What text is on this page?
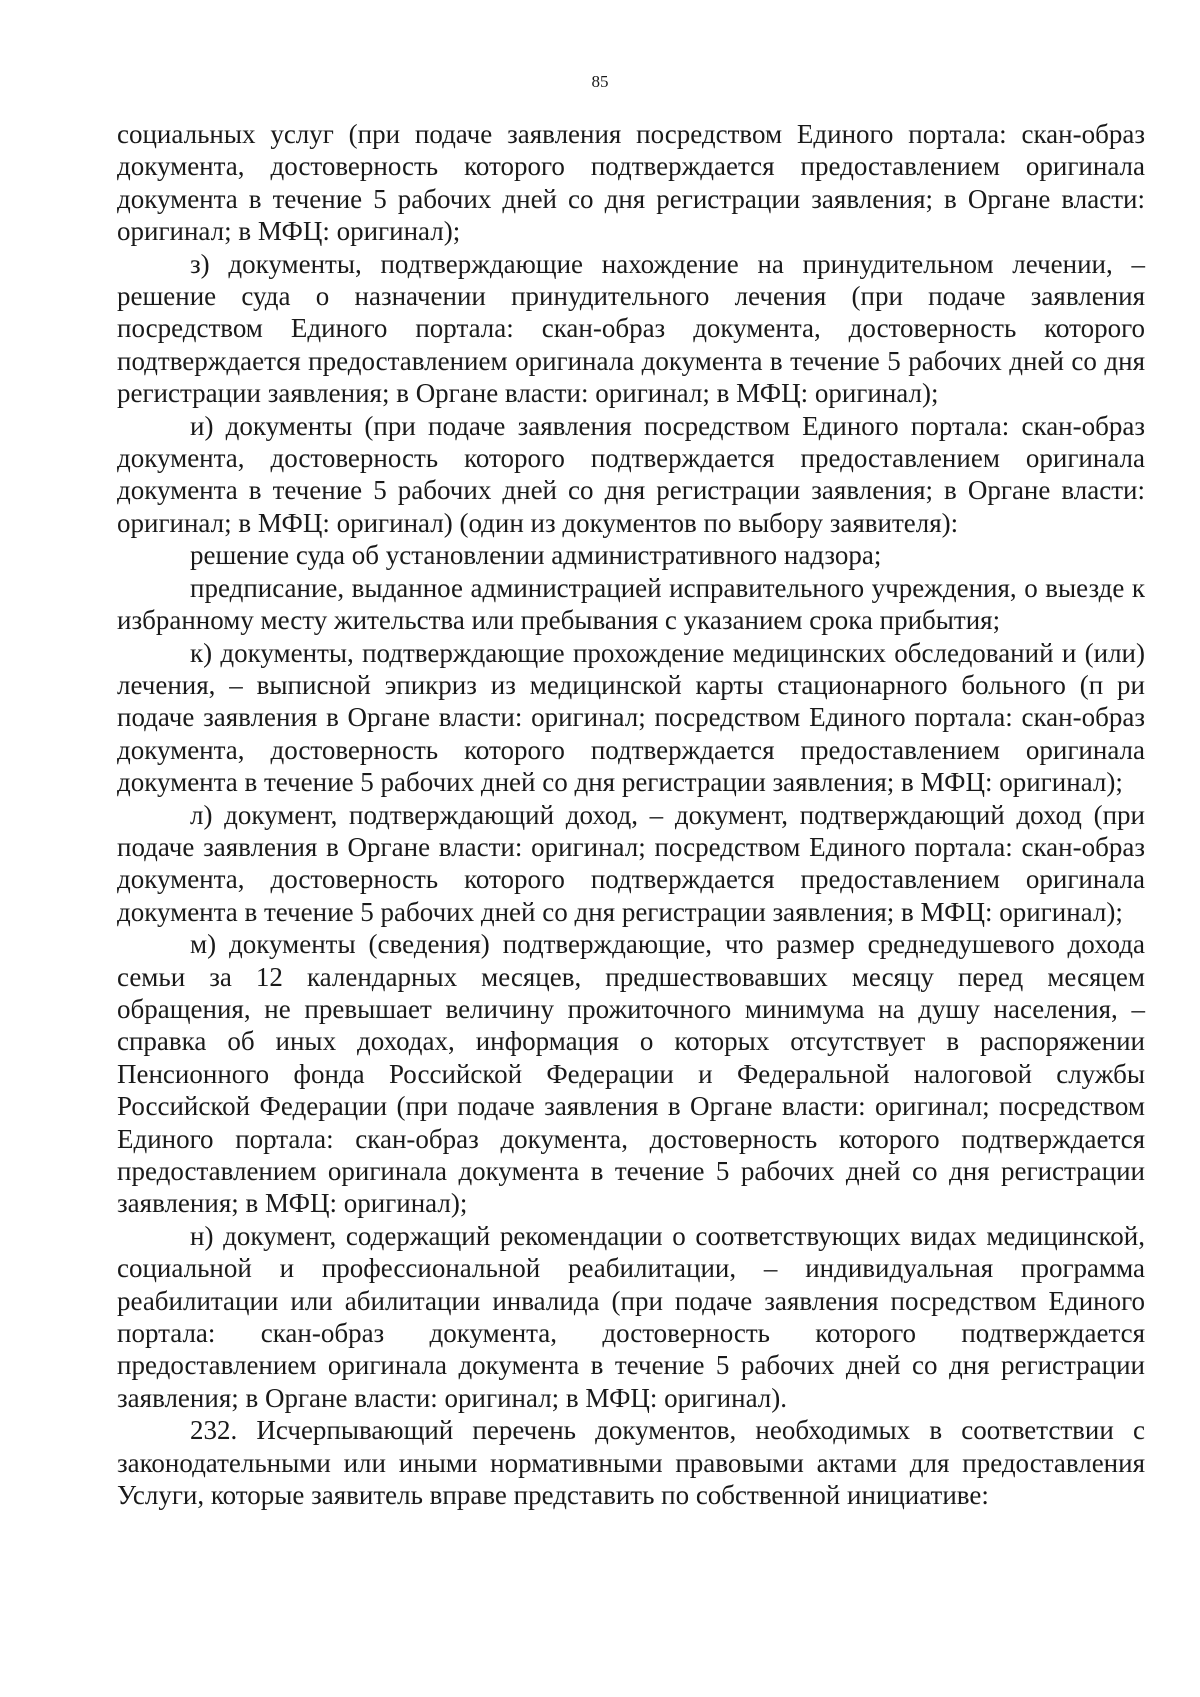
85

социальных услуг (при подаче заявления посредством Единого портала: скан-образ документа, достоверность которого подтверждается предоставлением оригинала документа в течение 5 рабочих дней со дня регистрации заявления; в Органе власти: оригинал; в МФЦ: оригинал);

з) документы, подтверждающие нахождение на принудительном лечении, – решение суда о назначении принудительного лечения (при подаче заявления посредством Единого портала: скан-образ документа, достоверность которого подтверждается предоставлением оригинала документа в течение 5 рабочих дней со дня регистрации заявления; в Органе власти: оригинал; в МФЦ: оригинал);

и) документы (при подаче заявления посредством Единого портала: скан-образ документа, достоверность которого подтверждается предоставлением оригинала документа в течение 5 рабочих дней со дня регистрации заявления; в Органе власти: оригинал; в МФЦ: оригинал) (один из документов по выбору заявителя):

решение суда об установлении административного надзора;

предписание, выданное администрацией исправительного учреждения, о выезде к избранному месту жительства или пребывания с указанием срока прибытия;

к) документы, подтверждающие прохождение медицинских обследований и (или) лечения, – выписной эпикриз из медицинской карты стационарного больного (п ри подаче заявления в Органе власти: оригинал; посредством Единого портала: скан-образ документа, достоверность которого подтверждается предоставлением оригинала документа в течение 5 рабочих дней со дня регистрации заявления; в МФЦ: оригинал);

л) документ, подтверждающий доход, – документ, подтверждающий доход (при подаче заявления в Органе власти: оригинал; посредством Единого портала: скан-образ документа, достоверность которого подтверждается предоставлением оригинала документа в течение 5 рабочих дней со дня регистрации заявления; в МФЦ: оригинал);

м) документы (сведения) подтверждающие, что размер среднедушевого дохода семьи за 12 календарных месяцев, предшествовавших месяцу перед месяцем обращения, не превышает величину прожиточного минимума на душу населения, – справка об иных доходах, информация о которых отсутствует в распоряжении Пенсионного фонда Российской Федерации и Федеральной налоговой службы Российской Федерации (при подаче заявления в Органе власти: оригинал; посредством Единого портала: скан-образ документа, достоверность которого подтверждается предоставлением оригинала документа в течение 5 рабочих дней со дня регистрации заявления; в МФЦ: оригинал);

н) документ, содержащий рекомендации о соответствующих видах медицинской, социальной и профессиональной реабилитации, – индивидуальная программа реабилитации или абилитации инвалида (при подаче заявления посредством Единого портала: скан-образ документа, достоверность которого подтверждается предоставлением оригинала документа в течение 5 рабочих дней со дня регистрации заявления; в Органе власти: оригинал; в МФЦ: оригинал).

232. Исчерпывающий перечень документов, необходимых в соответствии с законодательными или иными нормативными правовыми актами для предоставления Услуги, которые заявитель вправе представить по собственной инициативе:
